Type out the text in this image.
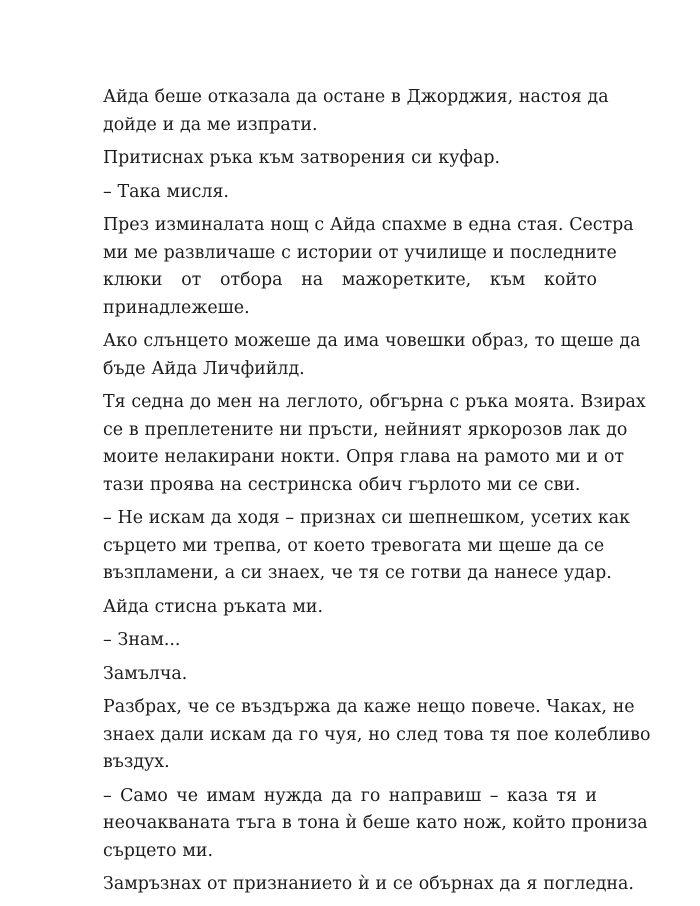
Айда беше отказала да остане в Джорджия, настоя да
дойде и да ме изпрати.
Притиснах ръка към затворения си куфар.
– Така мисля.
През изминалата нощ с Айда спахме в една стая. Сестра
ми ме развличаше с истории от училище и последните
клюки от отбора на мажоретките, към който
принадлежеше.
Ако слънцето можеше да има човешки образ, то щеше да
бъде Айда Личфийлд.
Тя седна до мен на леглото, обгърна с ръка моята. Взирах
се в преплетените ни пръсти, нейният яркорозов лак до
моите нелакирани нокти. Опря глава на рамото ми и от
тази проява на сестринска обич гърлото ми се сви.
– Не искам да ходя – признах си шепнешком, усетих как
сърцето ми трепва, от което тревогата ми щеше да се
възпламени, а си знаех, че тя се готви да нанесе удар.
Айда стисна ръката ми.
– Знам...
Замълча.
Разбрах, че се въздържа да каже нещо повече. Чаках, не
знаех дали искам да го чуя, но след това тя пое колебливо
въздух.
– Само че имам нужда да го направиш – каза тя и
неочакваната тъга в тона ѝ беше като нож, който прониза
сърцето ми.
Замръзнах от признанието ѝ и се обърнах да я погледна.
